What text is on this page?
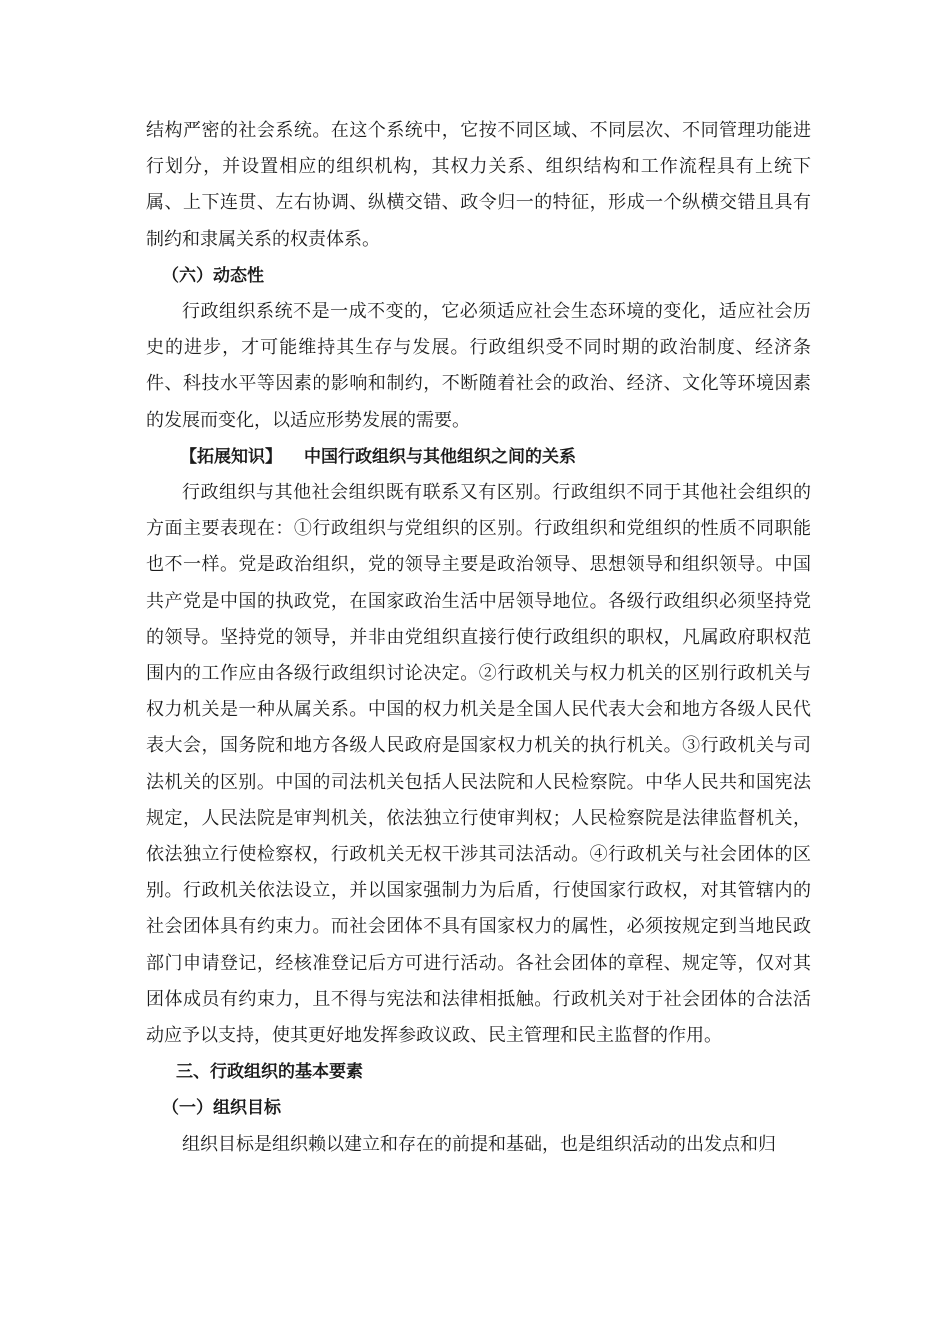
结构严密的社会系统。在这个系统中，它按不同区域、不同层次、不同管理功能进行划分，并设置相应的组织机构，其权力关系、组织结构和工作流程具有上统下属、上下连贯、左右协调、纵横交错、政令归一的特征，形成一个纵横交错且具有制约和隶属关系的权责体系。

（六）动态性

行政组织系统不是一成不变的，它必须适应社会生态环境的变化，适应社会历史的进步，才可能维持其生存与发展。行政组织受不同时期的政治制度、经济条件、科技水平等因素的影响和制约，不断随着社会的政治、经济、文化等环境因素的发展而变化，以适应形势发展的需要。

【拓展知识】 中国行政组织与其他组织之间的关系

行政组织与其他社会组织既有联系又有区别。行政组织不同于其他社会组织的方面主要表现在：①行政组织与党组织的区别。行政组织和党组织的性质不同职能也不一样。党是政治组织，党的领导主要是政治领导、思想领导和组织领导。中国共产党是中国的执政党，在国家政治生活中居领导地位。各级行政组织必须坚持党的领导。坚持党的领导，并非由党组织直接行使行政组织的职权，凡属政府职权范围内的工作应由各级行政组织讨论决定。②行政机关与权力机关的区别行政机关与权力机关是一种从属关系。中国的权力机关是全国人民代表大会和地方各级人民代表大会，国务院和地方各级人民政府是国家权力机关的执行机关。③行政机关与司法机关的区别。中国的司法机关包括人民法院和人民检察院。中华人民共和国宪法规定，人民法院是审判机关，依法独立行使审判权；人民检察院是法律监督机关，依法独立行使检察权，行政机关无权干涉其司法活动。④行政机关与社会团体的区别。行政机关依法设立，并以国家强制力为后盾，行使国家行政权，对其管辖内的社会团体具有约束力。而社会团体不具有国家权力的属性，必须按规定到当地民政部门申请登记，经核准登记后方可进行活动。各社会团体的章程、规定等，仅对其团体成员有约束力，且不得与宪法和法律相抵触。行政机关对于社会团体的合法活动应予以支持，使其更好地发挥参政议政、民主管理和民主监督的作用。

三、行政组织的基本要素

（一）组织目标

组织目标是组织赖以建立和存在的前提和基础，也是组织活动的出发点和归
